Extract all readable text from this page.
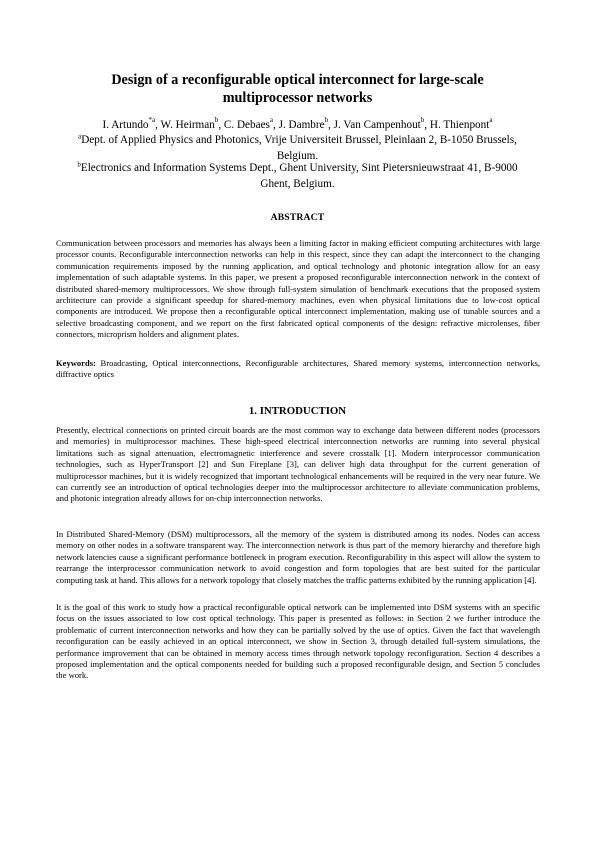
Design of a reconfigurable optical interconnect for large-scale
multiprocessor networks
I. Artundo$^{*a}$, W. Heirman$^b$, C. Debaes$^a$, J. Dambre$^b$, J. Van Campenhout$^b$, H. Thienpont$^a$
$^a$Dept. of Applied Physics and Photonics, Vrije Universiteit Brussel, Pleinlaan 2, B-1050 Brussels,
Belgium.
$^b$Electronics and Information Systems Dept., Ghent University, Sint Pietersnieuwstraat 41, B-9000
Ghent, Belgium.
ABSTRACT

Communication between processors and memories has always been a limiting factor in making efficient computing architectures with large processor counts. Reconfigurable interconnection networks can help in this respect, since they can adapt the interconnect to the changing communication requirements imposed by the running application, and optical technology and photonic integration allow for an easy implementation of such adaptable systems. In this paper, we present a proposed reconfigurable interconnection network in the context of distributed shared-memory multiprocessors. We show through full-system simulation of benchmark executions that the proposed system architecture can provide a significant speedup for shared-memory machines, even when physical limitations due to low-cost optical components are introduced. We propose then a reconfigurable optical interconnect implementation, making use of tunable sources and a selective broadcasting component, and we report on the first fabricated optical components of the design: refractive microlenses, fiber connectors, microprism holders and alignment plates.

Keywords: Broadcasting, Optical interconnections, Reconfigurable architectures, Shared memory systems, interconnection networks, diffractive optics

1. INTRODUCTION

Presently, electrical connections on printed circuit boards are the most common way to exchange data between different nodes (processors and memories) in multiprocessor machines. These high-speed electrical interconnection networks are running into several physical limitations such as signal attenuation, electromagnetic interference and severe crosstalk [1]. Modern interprocessor communication technologies, such as HyperTransport [2] and Sun Fireplane [3], can deliver high data throughput for the current generation of multiprocessor machines, but it is widely recognized that important technological enhancements will be required in the very near future. We can currently see an introduction of optical technologies deeper into the multiprocessor architecture to alleviate communication problems, and photonic integration already allows for on-chip interconnection networks.

In Distributed Shared-Memory (DSM) multiprocessors, all the memory of the system is distributed among its nodes. Nodes can access memory on other nodes in a software transparent way. The interconnection network is thus part of the memory hierarchy and therefore high network latencies cause a significant performance bottleneck in program execution. Reconfigurability in this aspect will allow the system to rearrange the interprocessor communication network to avoid congestion and form topologies that are best suited for the particular computing task at hand. This allows for a network topology that closely matches the traffic patterns exhibited by the running application [4].

It is the goal of this work to study how a practical reconfigurable optical network can be implemented into DSM systems with an specific focus on the issues associated to low cost optical technology. This paper is presented as follows: in Section 2 we further introduce the problematic of current interconnection networks and how they can be partially solved by the use of optics. Given the fact that wavelength reconfiguration can be easily achieved in an optical interconnect, we show in Section 3, through detailed full-system simulations, the performance improvement that can be obtained in memory access times through network topology reconfiguration. Section 4 describes a proposed implementation and the optical components needed for building such a proposed reconfigurable design, and Section 5 concludes the work.
